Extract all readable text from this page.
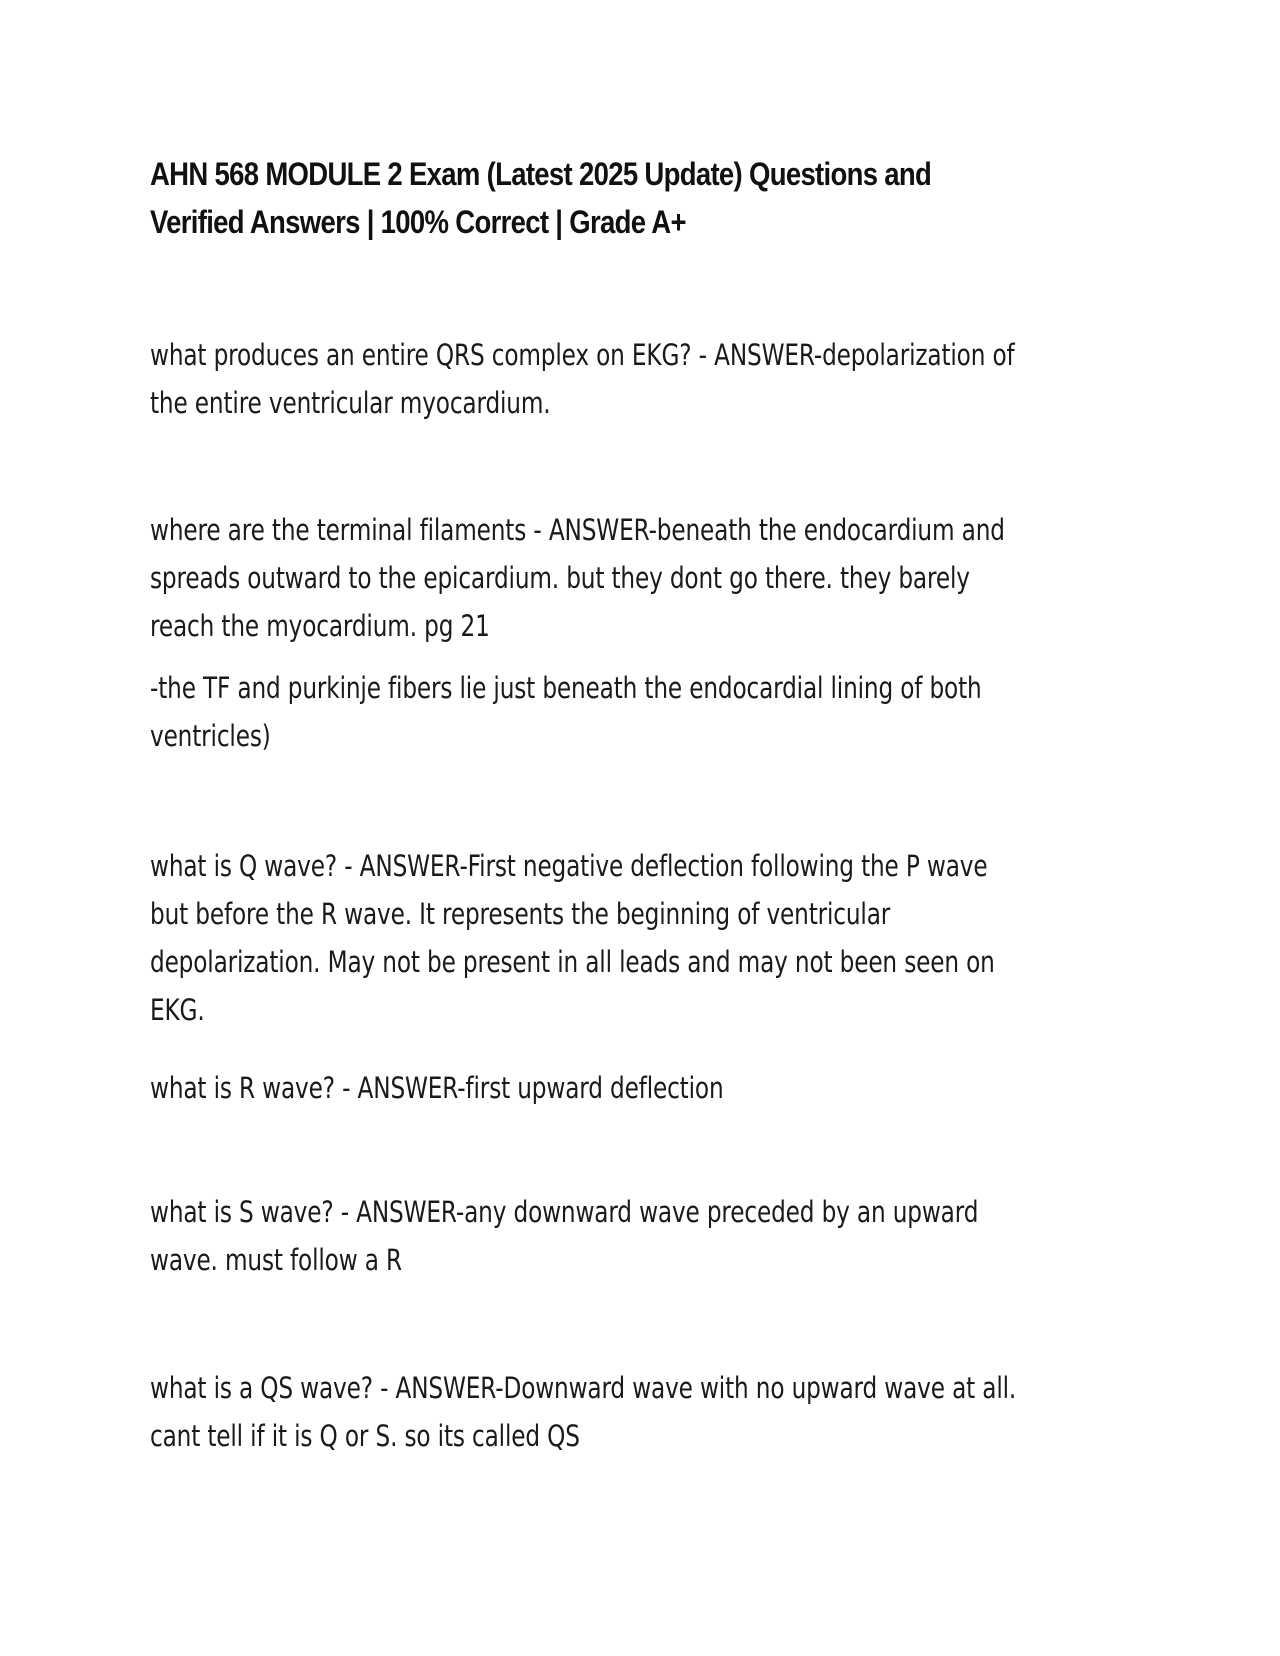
AHN 568 MODULE 2 Exam (Latest 2025 Update) Questions and Verified Answers | 100% Correct | Grade A+

what produces an entire QRS complex on EKG? - ANSWER-depolarization of the entire ventricular myocardium.

where are the terminal filaments - ANSWER-beneath the endocardium and spreads outward to the epicardium. but they dont go there. they barely reach the myocardium. pg 21

-the TF and purkinje fibers lie just beneath the endocardial lining of both ventricles)

what is Q wave? - ANSWER-First negative deflection following the P wave but before the R wave. It represents the beginning of ventricular depolarization. May not be present in all leads and may not been seen on EKG.

what is R wave? - ANSWER-first upward deflection

what is S wave? - ANSWER-any downward wave preceded by an upward wave. must follow a R

what is a QS wave? - ANSWER-Downward wave with no upward wave at all. cant tell if it is Q or S. so its called QS
